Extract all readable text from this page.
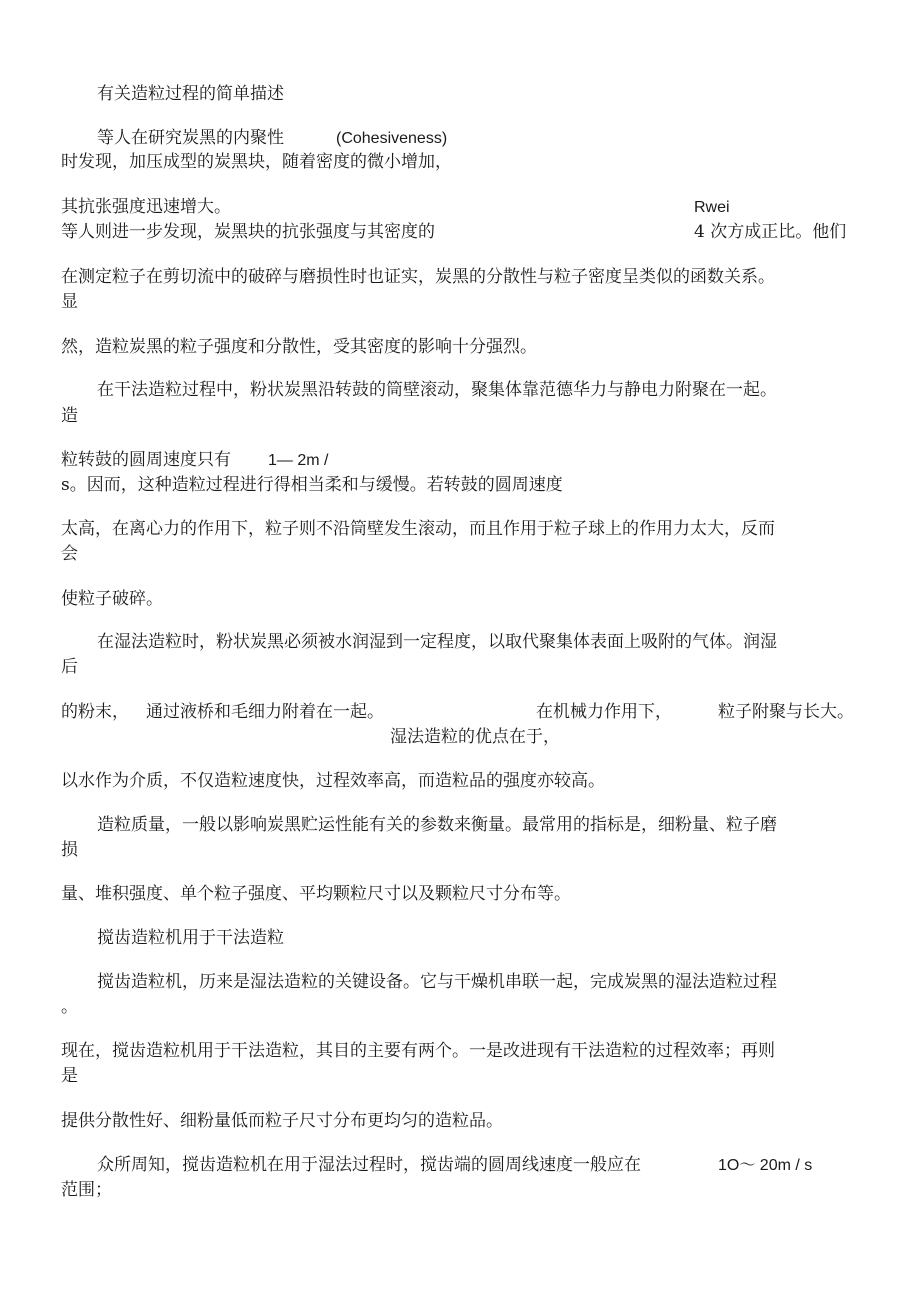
有关造粒过程的简单描述
等人在研究炭黑的内聚性	(Cohesiveness)
时发现，加压成型的炭黑块，随着密度的微小增加，
其抗张强度迅速增大。	Rwei
等人则进一步发现，炭黑块的抗张强度与其密度的	4 次方成正比。他们
在测定粒子在剪切流中的破碎与磨损性时也证实，炭黑的分散性与粒子密度呈类似的函数关系。
显
然，造粒炭黑的粒子强度和分散性，受其密度的影响十分强烈。
在干法造粒过程中，粉状炭黑沿转鼓的筒壁滚动，聚集体靠范德华力与静电力附聚在一起。
造
粒转鼓的圆周速度只有 1— 2m /
s。因而，这种造粒过程进行得相当柔和与缓慢。若转鼓的圆周速度
太高，在离心力的作用下，粒子则不沿筒壁发生滚动，而且作用于粒子球上的作用力太大，反而
会
使粒子破碎。
在湿法造粒时，粉状炭黑必须被水润湿到一定程度，以取代聚集体表面上吸附的气体。润湿
后
的粉末， 通过液桥和毛细力附着在一起。	在机械力作用下，	粒子附聚与长大。
湿法造粒的优点在于，
以水作为介质，不仅造粒速度快，过程效率高，而造粒品的强度亦较高。
造粒质量，一般以影响炭黑贮运性能有关的参数来衡量。最常用的指标是，细粉量、粒子磨
损
量、堆积强度、单个粒子强度、平均颗粒尺寸以及颗粒尺寸分布等。
搅齿造粒机用于干法造粒
搅齿造粒机，历来是湿法造粒的关键设备。它与干燥机串联一起，完成炭黑的湿法造粒过程
。
现在，搅齿造粒机用于干法造粒，其目的主要有两个。一是改进现有干法造粒的过程效率；再则
是
提供分散性好、细粉量低而粒子尺寸分布更均匀的造粒品。
众所周知，搅齿造粒机在用于湿法过程时，搅齿端的圆周线速度一般应在	1O～ 20m / s
范围；
